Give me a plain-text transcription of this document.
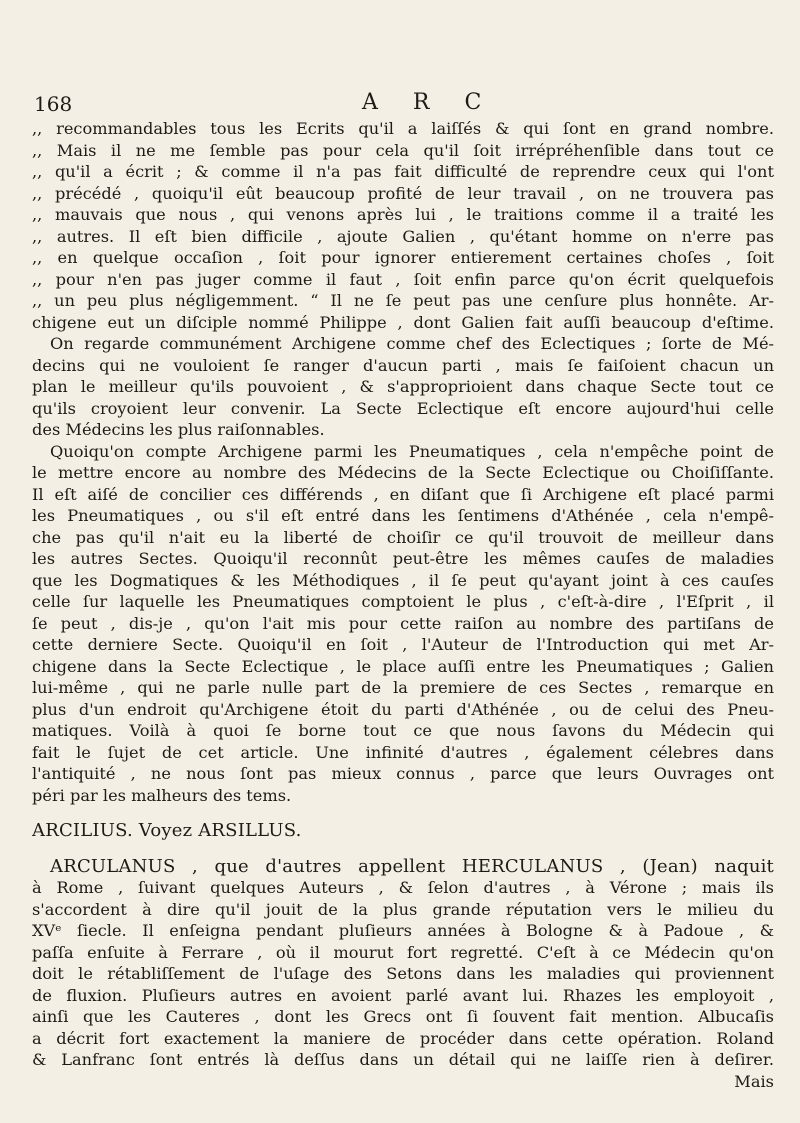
168	A R C
,, recommandables tous les Ecrits qu'il a laiſſés & qui ſont en grand nombre.
,, Mais il ne me ſemble pas pour cela qu'il ſoit irrépréhenſible dans tout ce
,, qu'il a écrit ; & comme il n'a pas fait difficulté de reprendre ceux qui l'ont
,, précédé , quoiqu'il eût beaucoup profité de leur travail , on ne trouvera pas
,, mauvais que nous , qui venons après lui , le traitions comme il a traité les
,, autres. Il eſt bien difficile , ajoute Galien , qu'étant homme on n'erre pas
,, en quelque occaſion , ſoit pour ignorer entierement certaines choſes , ſoit
,, pour n'en pas juger comme il faut , ſoit enfin parce qu'on écrit quelquefois
,, un peu plus négligemment. “ Il ne ſe peut pas une cenſure plus honnête. Ar-
chigene eut un diſciple nommé Philippe , dont Galien fait auſſi beaucoup d'eſtime.
On regarde communément Archigene comme chef des Eclectiques ; ſorte de Mé-
decins qui ne vouloient ſe ranger d'aucun parti , mais ſe faiſoient chacun un
plan le meilleur qu'ils pouvoient , & s'approprioient dans chaque Secte tout ce
qu'ils croyoient leur convenir. La Secte Eclectique eſt encore aujourd'hui celle
des Médecins les plus raiſonnables.
Quoiqu'on compte Archigene parmi les Pneumatiques , cela n'empêche point de
le mettre encore au nombre des Médecins de la Secte Eclectique ou Choiſiſſante.
Il eſt aiſé de concilier ces différends , en diſant que ſi Archigene eſt placé parmi
les Pneumatiques , ou s'il eſt entré dans les ſentimens d'Athénée , cela n'empê-
che pas qu'il n'ait eu la liberté de choiſir ce qu'il trouvoit de meilleur dans
les autres Sectes. Quoiqu'il reconnût peut-être les mêmes cauſes de maladies
que les Dogmatiques & les Méthodiques , il ſe peut qu'ayant joint à ces cauſes
celle ſur laquelle les Pneumatiques comptoient le plus , c'eſt-à-dire , l'Eſprit , il
ſe peut , dis-je , qu'on l'ait mis pour cette raiſon au nombre des partiſans de
cette derniere Secte. Quoiqu'il en ſoit , l'Auteur de l'Introduction qui met Ar-
chigene dans la Secte Eclectique , le place auſſi entre les Pneumatiques ; Galien
lui-même , qui ne parle nulle part de la premiere de ces Sectes , remarque en
plus d'un endroit qu'Archigene étoit du parti d'Athénée , ou de celui des Pneu-
matiques. Voilà à quoi ſe borne tout ce que nous ſavons du Médecin qui
fait le ſujet de cet article. Une infinité d'autres , également célebres dans
l'antiquité , ne nous ſont pas mieux connus , parce que leurs Ouvrages ont
péri par les malheurs des tems.
ARCILIUS. Voyez ARSILLUS.
ARCULANUS , que d'autres appellent HERCULANUS , (Jean) naquit
à Rome , ſuivant quelques Auteurs , & ſelon d'autres , à Vérone ; mais ils
s'accordent à dire qu'il jouit de la plus grande réputation vers le milieu du
XVᵉ ſiecle. Il enſeigna pendant pluſieurs années à Bologne & à Padoue , &
paſſa enſuite à Ferrare , où il mourut fort regretté. C'eſt à ce Médecin qu'on
doit le rétabliſſement de l'uſage des Setons dans les maladies qui proviennent
de fluxion. Pluſieurs autres en avoient parlé avant lui. Rhazes les employoit ,
ainſi que les Cauteres , dont les Grecs ont ſi ſouvent fait mention. Albucaſis
a décrit fort exactement la maniere de procéder dans cette opération. Roland
& Lanfranc ſont entrés là deſſus dans un détail qui ne laiſſe rien à deſirer.
Mais
